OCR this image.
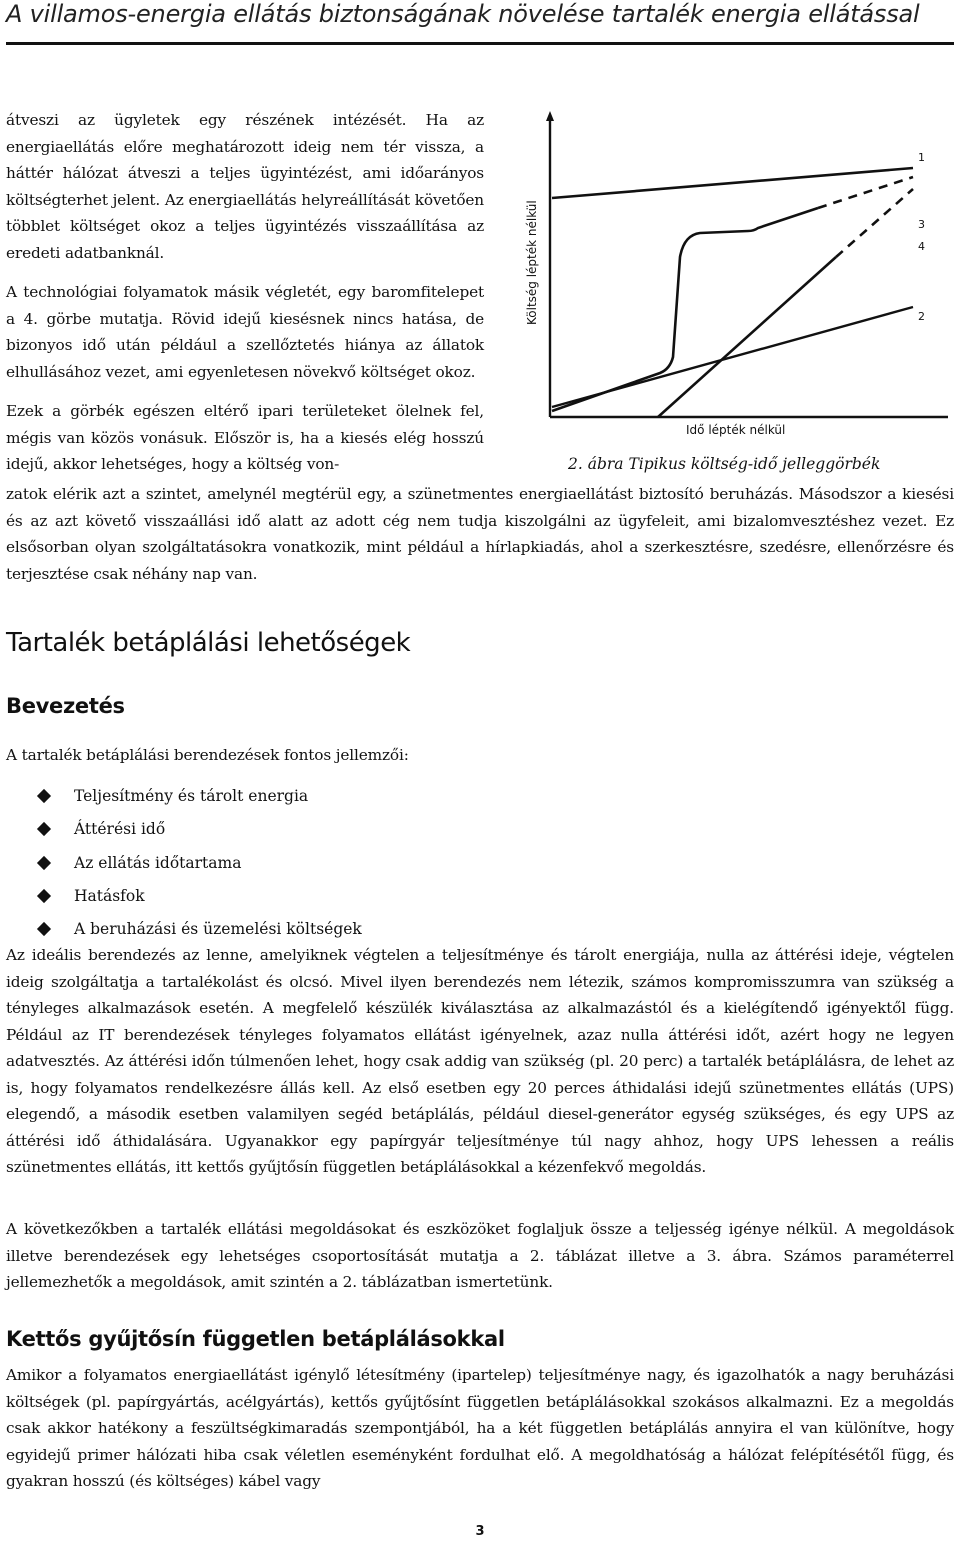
A villamos-energia ellátás biztonságának növelése tartalék energia ellátással

átveszi az ügyletek egy részének intézését. Ha az energiaellátás előre meghatározott ideig nem tér vissza, a háttér hálózat átveszi a teljes ügyintézést, ami időarányos költségterhet jelent. Az energiaellátás helyreállítását követően többlet költséget okoz a teljes ügyintézés visszaállítása az eredeti adatbanknál.

A technológiai folyamatok másik végletét, egy baromfitelepet a 4. görbe mutatja. Rövid idejű kiesésnek nincs hatása, de bizonyos idő után például a szellőztetés hiánya az állatok elhullásához vezet, ami egyenletesen növekvő költséget okoz.

Ezek a görbék egészen eltérő ipari területeket ölelnek fel, mégis van közös vonásuk. Először is, ha a kiesés elég hosszú idejű, akkor lehetséges, hogy a költség von-

1
3
4
2
Költség lépték nélkül
Idő lépték nélkül
2. ábra Tipikus költség-idő jelleggörbék

zatok elérik azt a szintet, amelynél megtérül egy, a szünetmentes energiaellátást biztosító beruházás. Másodszor a kiesési és az azt követő visszaállási idő alatt az adott cég nem tudja kiszolgálni az ügyfeleit, ami bizalomvesztéshez vezet. Ez elsősorban olyan szolgáltatásokra vonatkozik, mint például a hírlapkiadás, ahol a szerkesztésre, szedésre, ellenőrzésre és terjesztése csak néhány nap van.

Tartalék betáplálási lehetőségek
Bevezetés

A tartalék betáplálási berendezések fontos jellemzői:

Teljesítmény és tárolt energia
Áttérési idő
Az ellátás időtartama
Hatásfok
A beruházási és üzemelési költségek

Az ideális berendezés az lenne, amelyiknek végtelen a teljesítménye és tárolt energiája, nulla az áttérési ideje, végtelen ideig szolgáltatja a tartalékolást és olcsó. Mivel ilyen berendezés nem létezik, számos kompromisszumra van szükség a tényleges alkalmazások esetén. A megfelelő készülék kiválasztása az alkalmazástól és a kielégítendő igényektől függ. Például az IT berendezések tényleges folyamatos ellátást igényelnek, azaz nulla áttérési időt, azért hogy ne legyen adatvesztés. Az áttérési időn túlmenően lehet, hogy csak addig van szükség (pl. 20 perc) a tartalék betáplálásra, de lehet az is, hogy folyamatos rendelkezésre állás kell. Az első esetben egy 20 perces áthidalási idejű szünetmentes ellátás (UPS) elegendő, a második esetben valamilyen segéd betáplálás, például diesel-generátor egység szükséges, és egy UPS az áttérési idő áthidalására. Ugyanakkor egy papírgyár teljesítménye túl nagy ahhoz, hogy UPS lehessen a reális szünetmentes ellátás, itt kettős gyűjtősín független betáplálásokkal a kézenfekvő megoldás.

A következőkben a tartalék ellátási megoldásokat és eszközöket foglaljuk össze a teljesség igénye nélkül. A megoldások illetve berendezések egy lehetséges csoportosítását mutatja a 2. táblázat illetve a 3. ábra. Számos paraméterrel jellemezhetők a megoldások, amit szintén a 2. táblázatban ismertetünk.

Kettős gyűjtősín független betáplálásokkal

Amikor a folyamatos energiaellátást igénylő létesítmény (ipartelep) teljesítménye nagy, és igazolhatók a nagy beruházási költségek (pl. papírgyártás, acélgyártás), kettős gyűjtősínt független betáplálásokkal szokásos alkalmazni. Ez a megoldás csak akkor hatékony a feszültségkimaradás szempontjából, ha a két független betáplálás annyira el van különítve, hogy egyidejű primer hálózati hiba csak véletlen eseményként fordulhat elő. A megoldhatóság a hálózat felépítésétől függ, és gyakran hosszú (és költséges) kábel vagy

3
